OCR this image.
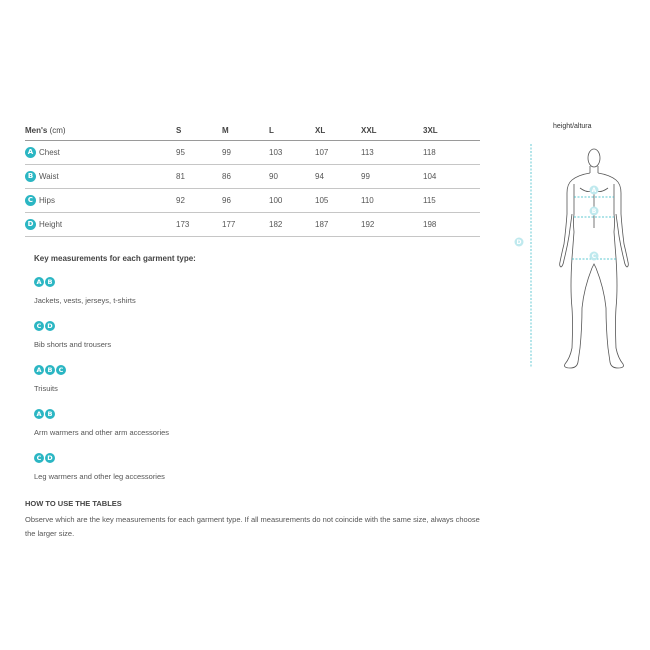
Men's (cm)	S	M	L	XL	XXL	3XL
A Chest	95	99	103	107	113	118
B Waist	81	86	90	94	99	104
C Hips	92	96	100	105	110	115
D Height	173	177	182	187	192	198
Key measurements for each garment type:
A B
Jackets, vests, jerseys, t-shirts
C D
Bib shorts and trousers
A B C
Trisuits
A B
Arm warmers and other arm accessories
C D
Leg warmers and other leg accessories
HOW TO USE THE TABLES
Observe which are the key measurements for each garment type. If all measurements do not coincide with the same size, always choose the larger size.
height/altura
A
B
C
D
